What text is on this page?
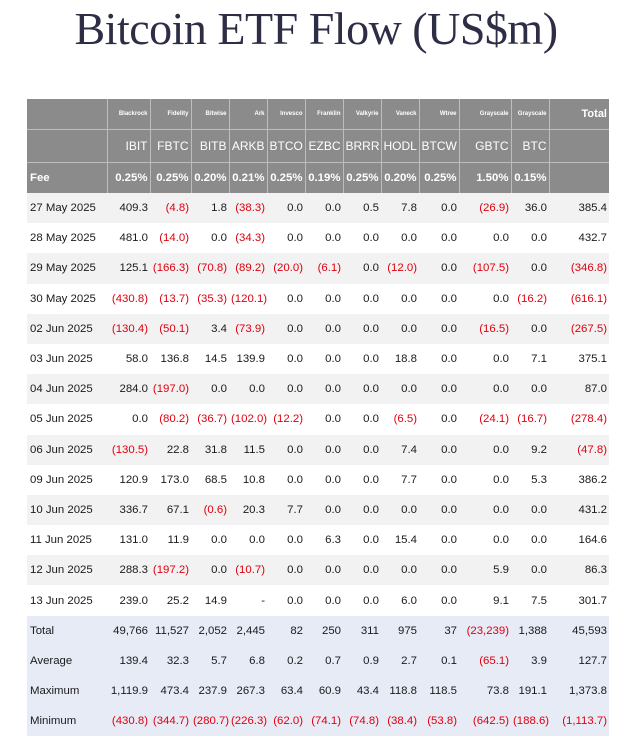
Bitcoin ETF Flow (US$m)
	Blackrock	Fidelity	Bitwise	Ark	Invesco	Franklin	Valkyrie	Vaneck	Wtree	Grayscale	Grayscale	Total
	IBIT	FBTC	BITB	ARKB	BTCO	EZBC	BRRR	HODL	BTCW	GBTC	BTC	
Fee	0.25%	0.25%	0.20%	0.21%	0.25%	0.19%	0.25%	0.20%	0.25%	1.50%	0.15%	
27 May 2025	409.3	(4.8)	1.8	(38.3)	0.0	0.0	0.5	7.8	0.0	(26.9)	36.0	385.4
28 May 2025	481.0	(14.0)	0.0	(34.3)	0.0	0.0	0.0	0.0	0.0	0.0	0.0	432.7
29 May 2025	125.1	(166.3)	(70.8)	(89.2)	(20.0)	(6.1)	0.0	(12.0)	0.0	(107.5)	0.0	(346.8)
30 May 2025	(430.8)	(13.7)	(35.3)	(120.1)	0.0	0.0	0.0	0.0	0.0	0.0	(16.2)	(616.1)
02 Jun 2025	(130.4)	(50.1)	3.4	(73.9)	0.0	0.0	0.0	0.0	0.0	(16.5)	0.0	(267.5)
03 Jun 2025	58.0	136.8	14.5	139.9	0.0	0.0	0.0	18.8	0.0	0.0	7.1	375.1
04 Jun 2025	284.0	(197.0)	0.0	0.0	0.0	0.0	0.0	0.0	0.0	0.0	0.0	87.0
05 Jun 2025	0.0	(80.2)	(36.7)	(102.0)	(12.2)	0.0	0.0	(6.5)	0.0	(24.1)	(16.7)	(278.4)
06 Jun 2025	(130.5)	22.8	31.8	11.5	0.0	0.0	0.0	7.4	0.0	0.0	9.2	(47.8)
09 Jun 2025	120.9	173.0	68.5	10.8	0.0	0.0	0.0	7.7	0.0	0.0	5.3	386.2
10 Jun 2025	336.7	67.1	(0.6)	20.3	7.7	0.0	0.0	0.0	0.0	0.0	0.0	431.2
11 Jun 2025	131.0	11.9	0.0	0.0	0.0	6.3	0.0	15.4	0.0	0.0	0.0	164.6
12 Jun 2025	288.3	(197.2)	0.0	(10.7)	0.0	0.0	0.0	0.0	0.0	5.9	0.0	86.3
13 Jun 2025	239.0	25.2	14.9	-	0.0	0.0	0.0	6.0	0.0	9.1	7.5	301.7
Total	49,766	11,527	2,052	2,445	82	250	311	975	37	(23,239)	1,388	45,593
Average	139.4	32.3	5.7	6.8	0.2	0.7	0.9	2.7	0.1	(65.1)	3.9	127.7
Maximum	1,119.9	473.4	237.9	267.3	63.4	60.9	43.4	118.8	118.5	73.8	191.1	1,373.8
Minimum	(430.8)	(344.7)	(280.7)	(226.3)	(62.0)	(74.1)	(74.8)	(38.4)	(53.8)	(642.5)	(188.6)	(1,113.7)
